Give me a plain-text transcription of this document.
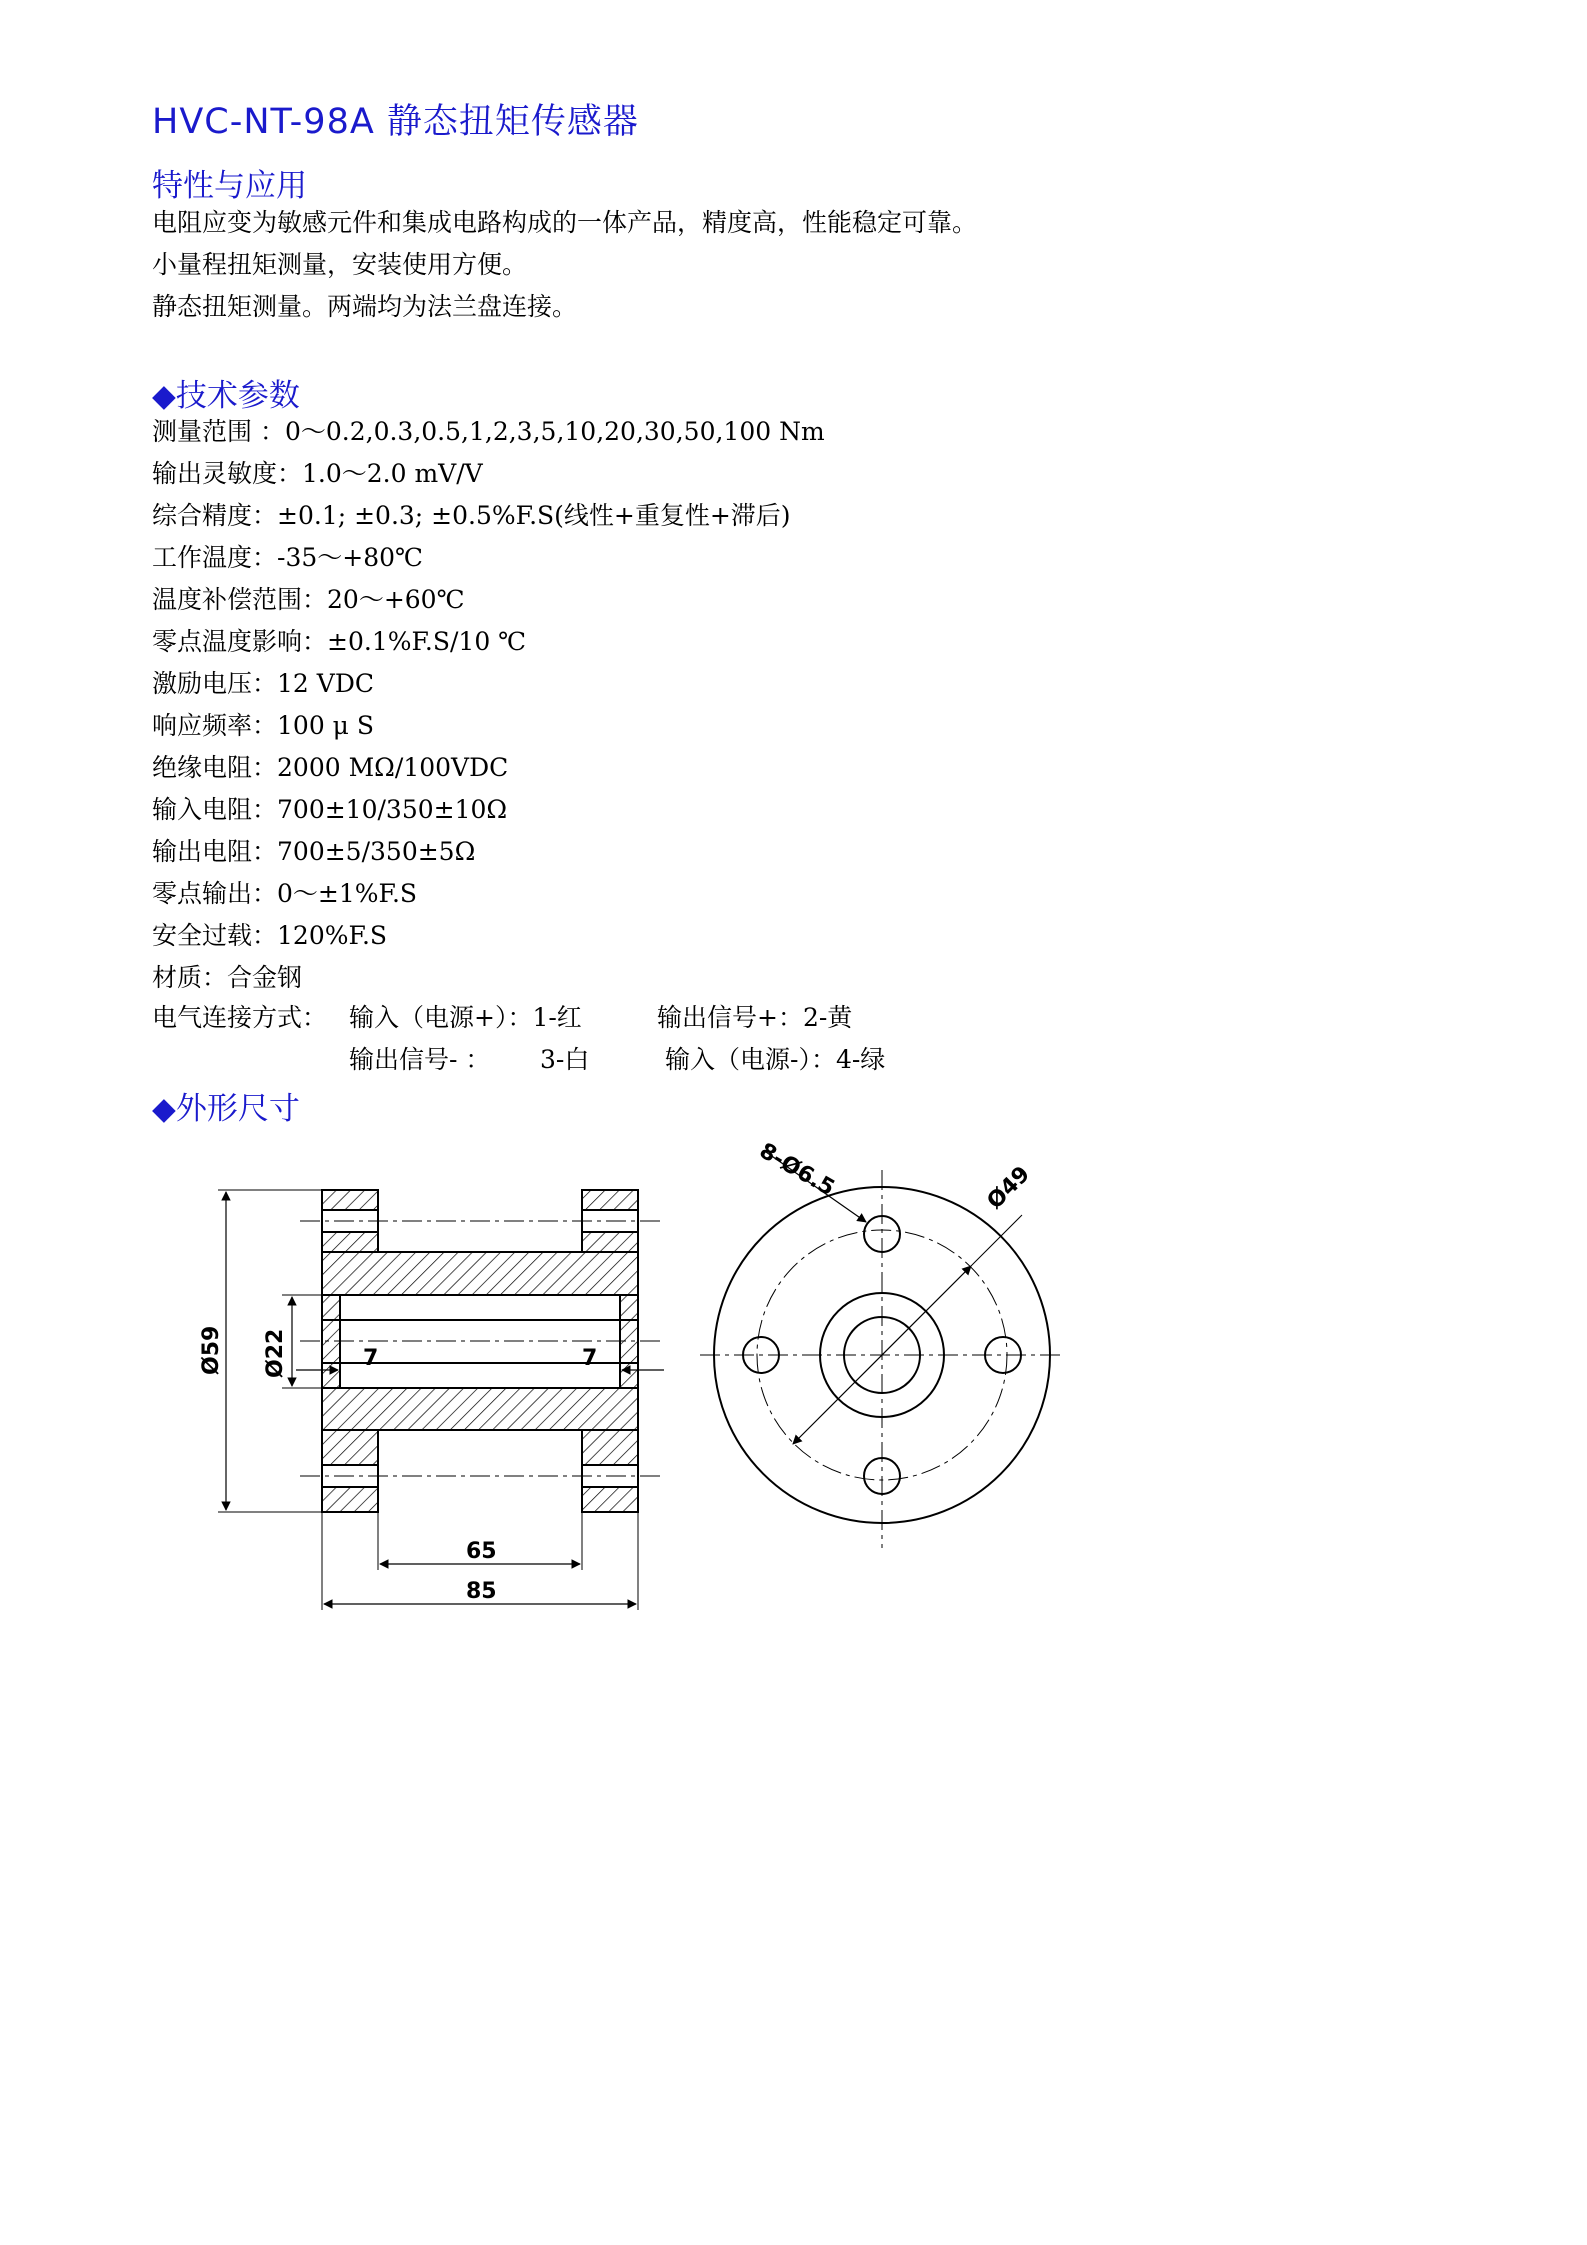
HVC-NT-98A 静态扭矩传感器
特性与应用
电阻应变为敏感元件和集成电路构成的一体产品，精度高，性能稳定可靠。
小量程扭矩测量，安装使用方便。
静态扭矩测量。两端均为法兰盘连接。
◆技术参数
测量范围 ：0～0.2,0.3,0.5,1,2,3,5,10,20,30,50,100 Nm
输出灵敏度：1.0～2.0 mV/V
综合精度：±0.1; ±0.3; ±0.5%F.S(线性+重复性+滞后)
工作温度：-35～+80℃
温度补偿范围：20～+60℃
零点温度影响：±0.1%F.S/10 ℃
激励电压：12 VDC
响应频率：100 μ S
绝缘电阻：2000 MΩ/100VDC
输入电阻：700±10/350±10Ω
输出电阻：700±5/350±5Ω
零点输出：0～±1%F.S
安全过载：120%F.S
材质：合金钢
电气连接方式： 输入（电源+）：1-红	输出信号+：2-黄
输出信号- ： 3-白	输入（电源-）：4-绿
◆外形尺寸
Ø59 Ø22	7	7
65
85
8-Ø6.5	Ø49
